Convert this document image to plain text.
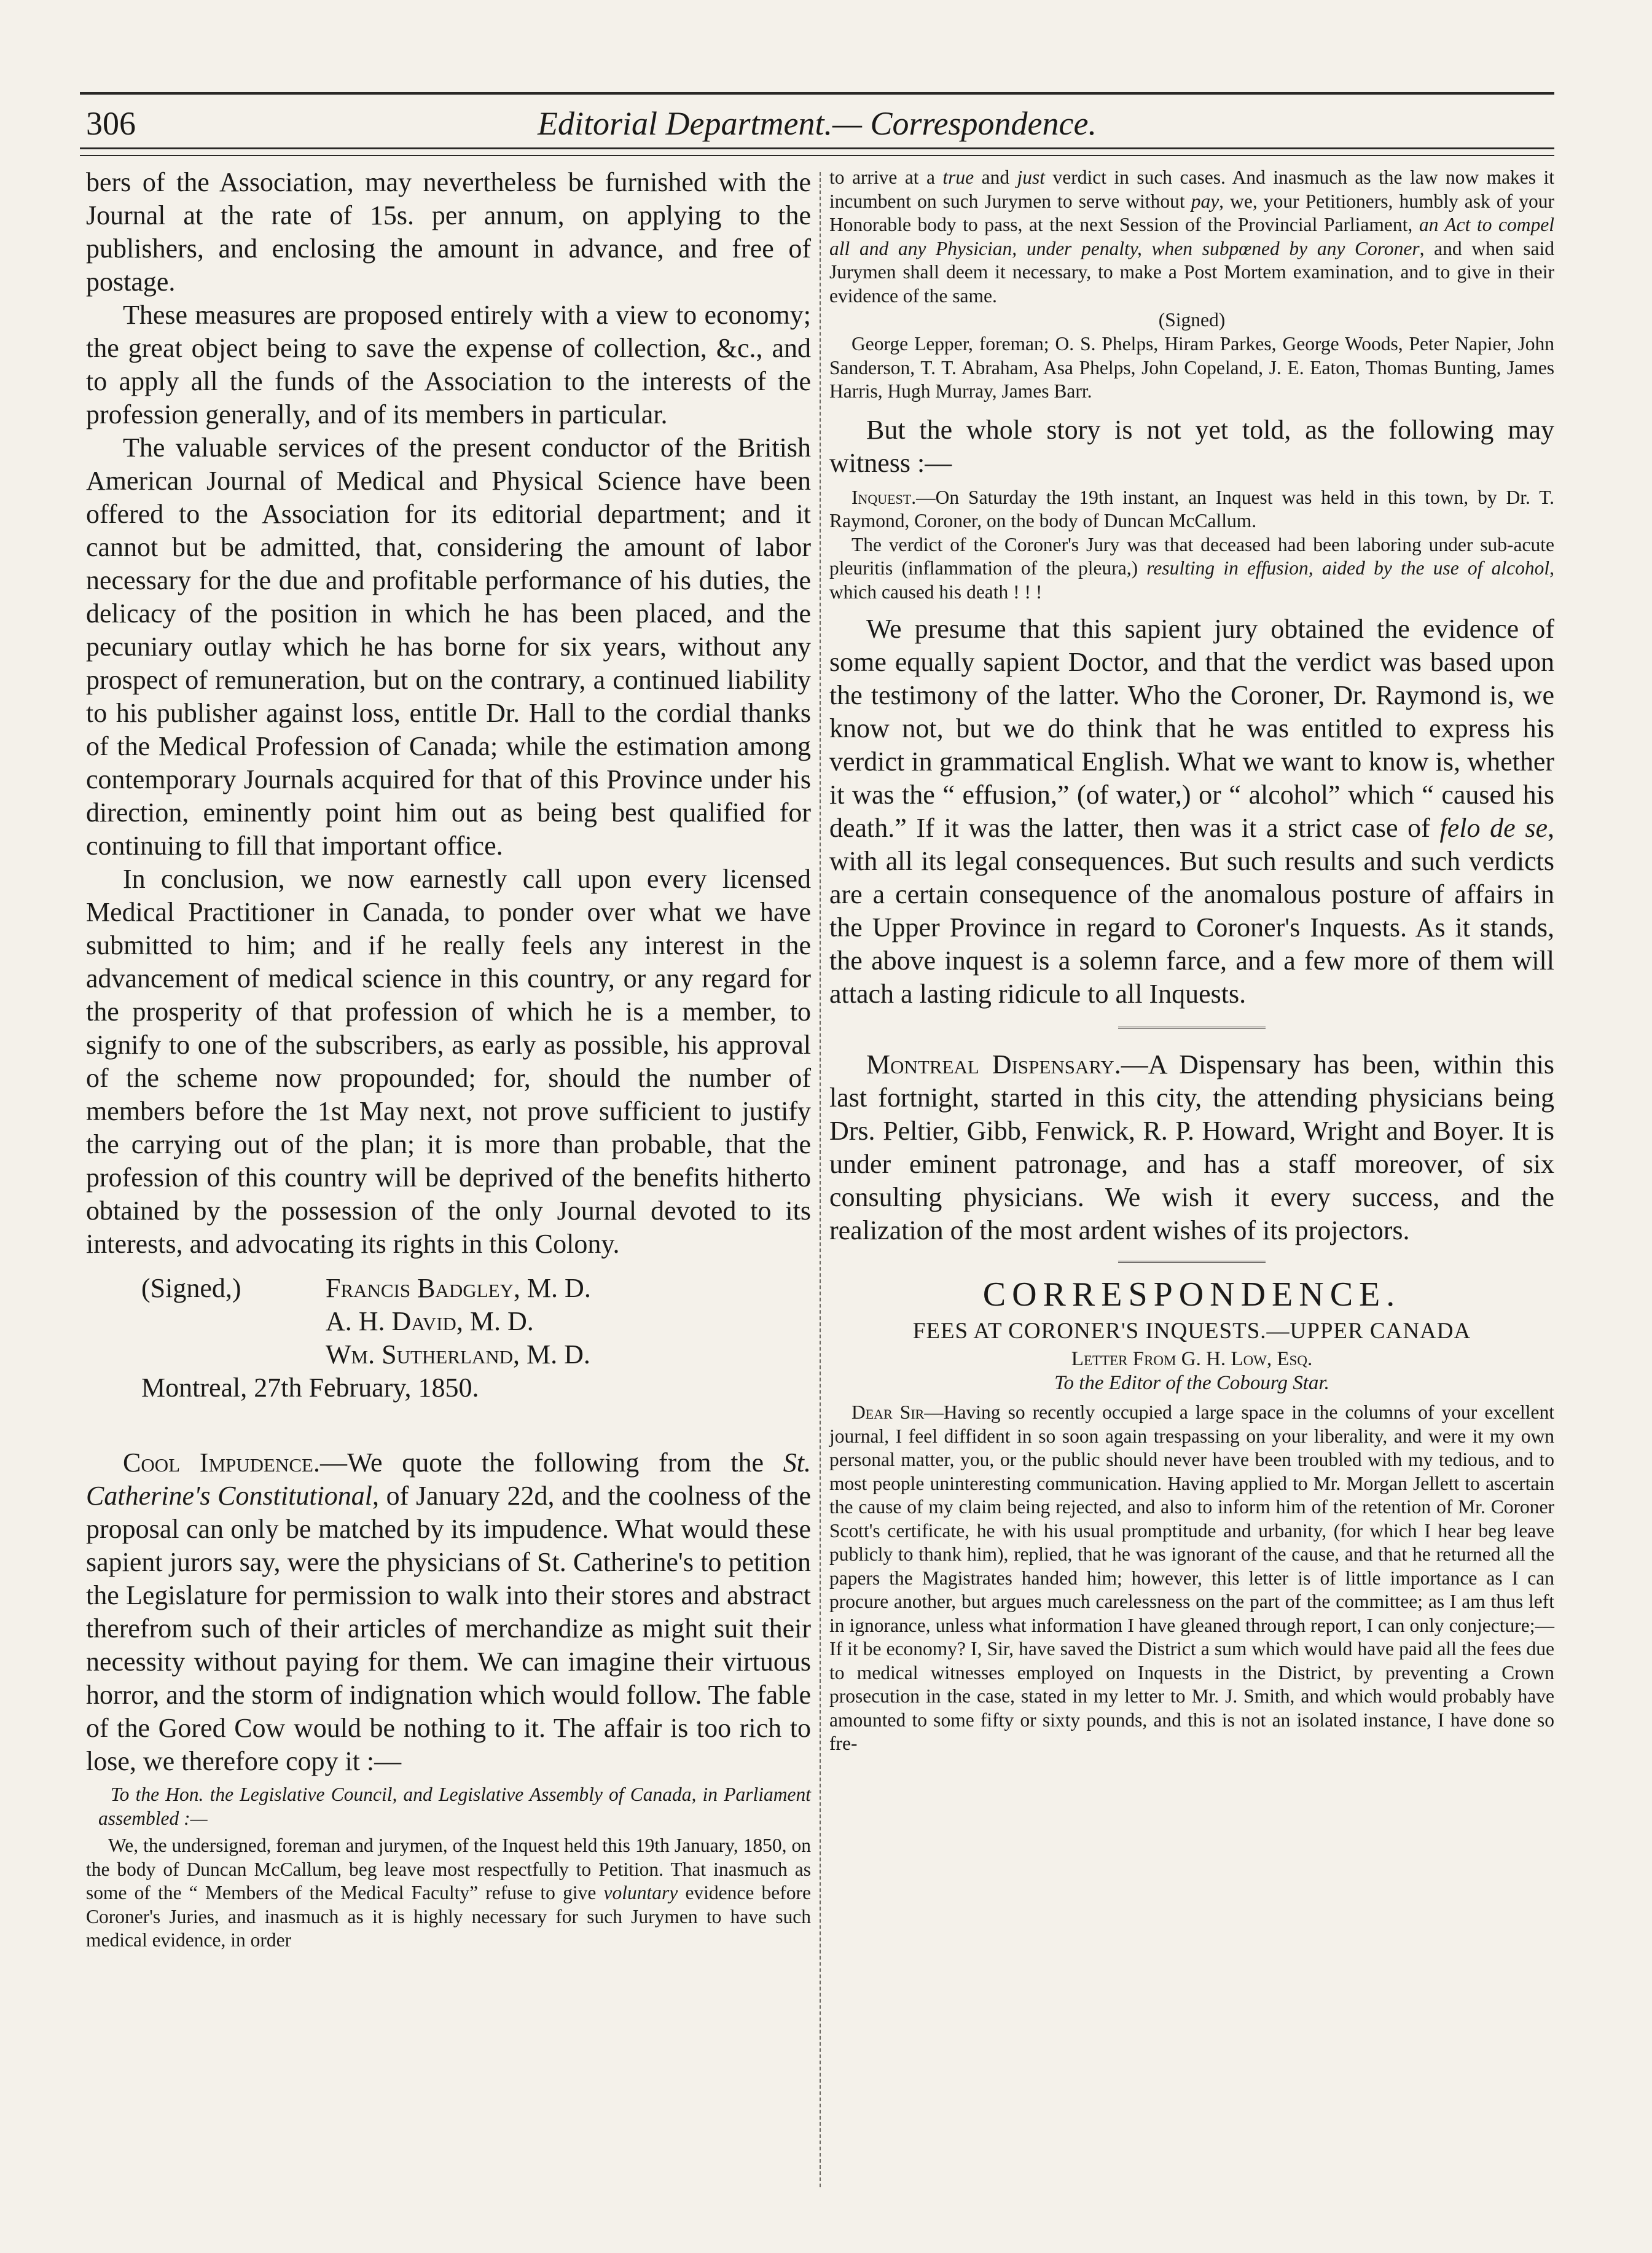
306	Editorial Department.— Correspondence.

bers of the Association, may nevertheless be furnished with the Journal at the rate of 15s. per annum, on applying to the publishers, and enclosing the amount in advance, and free of postage.

These measures are proposed entirely with a view to economy; the great object being to save the expense of collection, &c., and to apply all the funds of the Association to the interests of the profession generally, and of its members in particular.

The valuable services of the present conductor of the British American Journal of Medical and Physical Science have been offered to the Association for its editorial department; and it cannot but be admitted, that, considering the amount of labor necessary for the due and profitable performance of his duties, the delicacy of the position in which he has been placed, and the pecuniary outlay which he has borne for six years, without any prospect of remuneration, but on the contrary, a continued liability to his publisher against loss, entitle Dr. Hall to the cordial thanks of the Medical Profession of Canada; while the estimation among contemporary Journals acquired for that of this Province under his direction, eminently point him out as being best qualified for continuing to fill that important office.

In conclusion, we now earnestly call upon every licensed Medical Practitioner in Canada, to ponder over what we have submitted to him; and if he really feels any interest in the advancement of medical science in this country, or any regard for the prosperity of that profession of which he is a member, to signify to one of the subscribers, as early as possible, his approval of the scheme now propounded; for, should the number of members before the 1st May next, not prove sufficient to justify the carrying out of the plan; it is more than probable, that the profession of this country will be deprived of the benefits hitherto obtained by the possession of the only Journal devoted to its interests, and advocating its rights in this Colony.

(Signed,)	Francis Badgley, M. D.
A. H. David, M. D.
Wm. Sutherland, M. D.

Montreal, 27th February, 1850.

Cool Impudence.—We quote the following from the St. Catherine's Constitutional, of January 22d, and the coolness of the proposal can only be matched by its impudence. What would these sapient jurors say, were the physicians of St. Catherine's to petition the Legislature for permission to walk into their stores and abstract therefrom such of their articles of merchandize as might suit their necessity without paying for them. We can imagine their virtuous horror, and the storm of indignation which would follow. The fable of the Gored Cow would be nothing to it. The affair is too rich to lose, we therefore copy it :—

To the Hon. the Legislative Council, and Legislative Assembly of Canada, in Parliament assembled :—

We, the undersigned, foreman and jurymen, of the Inquest held this 19th January, 1850, on the body of Duncan McCallum, beg leave most respectfully to Petition. That inasmuch as some of the “ Members of the Medical Faculty” refuse to give voluntary evidence before Coroner's Juries, and inasmuch as it is highly necessary for such Jurymen to have such medical evidence, in order

to arrive at a true and just verdict in such cases. And inasmuch as the law now makes it incumbent on such Jurymen to serve without pay, we, your Petitioners, humbly ask of your Honorable body to pass, at the next Session of the Provincial Parliament, an Act to compel all and any Physician, under penalty, when subpœned by any Coroner, and when said Jurymen shall deem it necessary, to make a Post Mortem examination, and to give in their evidence of the same.

(Signed)

George Lepper, foreman; O. S. Phelps, Hiram Parkes, George Woods, Peter Napier, John Sanderson, T. T. Abraham, Asa Phelps, John Copeland, J. E. Eaton, Thomas Bunting, James Harris, Hugh Murray, James Barr.

But the whole story is not yet told, as the following may witness :—

Inquest.—On Saturday the 19th instant, an Inquest was held in this town, by Dr. T. Raymond, Coroner, on the body of Duncan McCallum.

The verdict of the Coroner's Jury was that deceased had been laboring under sub-acute pleuritis (inflammation of the pleura,) resulting in effusion, aided by the use of alcohol, which caused his death ! ! !

We presume that this sapient jury obtained the evidence of some equally sapient Doctor, and that the verdict was based upon the testimony of the latter. Who the Coroner, Dr. Raymond is, we know not, but we do think that he was entitled to express his verdict in grammatical English. What we want to know is, whether it was the “ effusion,” (of water,) or “ alcohol” which “ caused his death.” If it was the latter, then was it a strict case of felo de se, with all its legal consequences. But such results and such verdicts are a certain consequence of the anomalous posture of affairs in the Upper Province in regard to Coroner's Inquests. As it stands, the above inquest is a solemn farce, and a few more of them will attach a lasting ridicule to all Inquests.

Montreal Dispensary.—A Dispensary has been, within this last fortnight, started in this city, the attending physicians being Drs. Peltier, Gibb, Fenwick, R. P. Howard, Wright and Boyer. It is under eminent patronage, and has a staff moreover, of six consulting physicians. We wish it every success, and the realization of the most ardent wishes of its projectors.

CORRESPONDENCE.
FEES AT CORONER'S INQUESTS.—UPPER CANADA
Letter From G. H. Low, Esq.
To the Editor of the Cobourg Star.

Dear Sir—Having so recently occupied a large space in the columns of your excellent journal, I feel diffident in so soon again trespassing on your liberality, and were it my own personal matter, you, or the public should never have been troubled with my tedious, and to most people uninteresting communication. Having applied to Mr. Morgan Jellett to ascertain the cause of my claim being rejected, and also to inform him of the retention of Mr. Coroner Scott's certificate, he with his usual promptitude and urbanity, (for which I hear beg leave publicly to thank him), replied, that he was ignorant of the cause, and that he returned all the papers the Magistrates handed him; however, this letter is of little importance as I can procure another, but argues much carelessness on the part of the committee; as I am thus left in ignorance, unless what information I have gleaned through report, I can only conjecture;—If it be economy? I, Sir, have saved the District a sum which would have paid all the fees due to medical witnesses employed on Inquests in the District, by preventing a Crown prosecution in the case, stated in my letter to Mr. J. Smith, and which would probably have amounted to some fifty or sixty pounds, and this is not an isolated instance, I have done so fre-
